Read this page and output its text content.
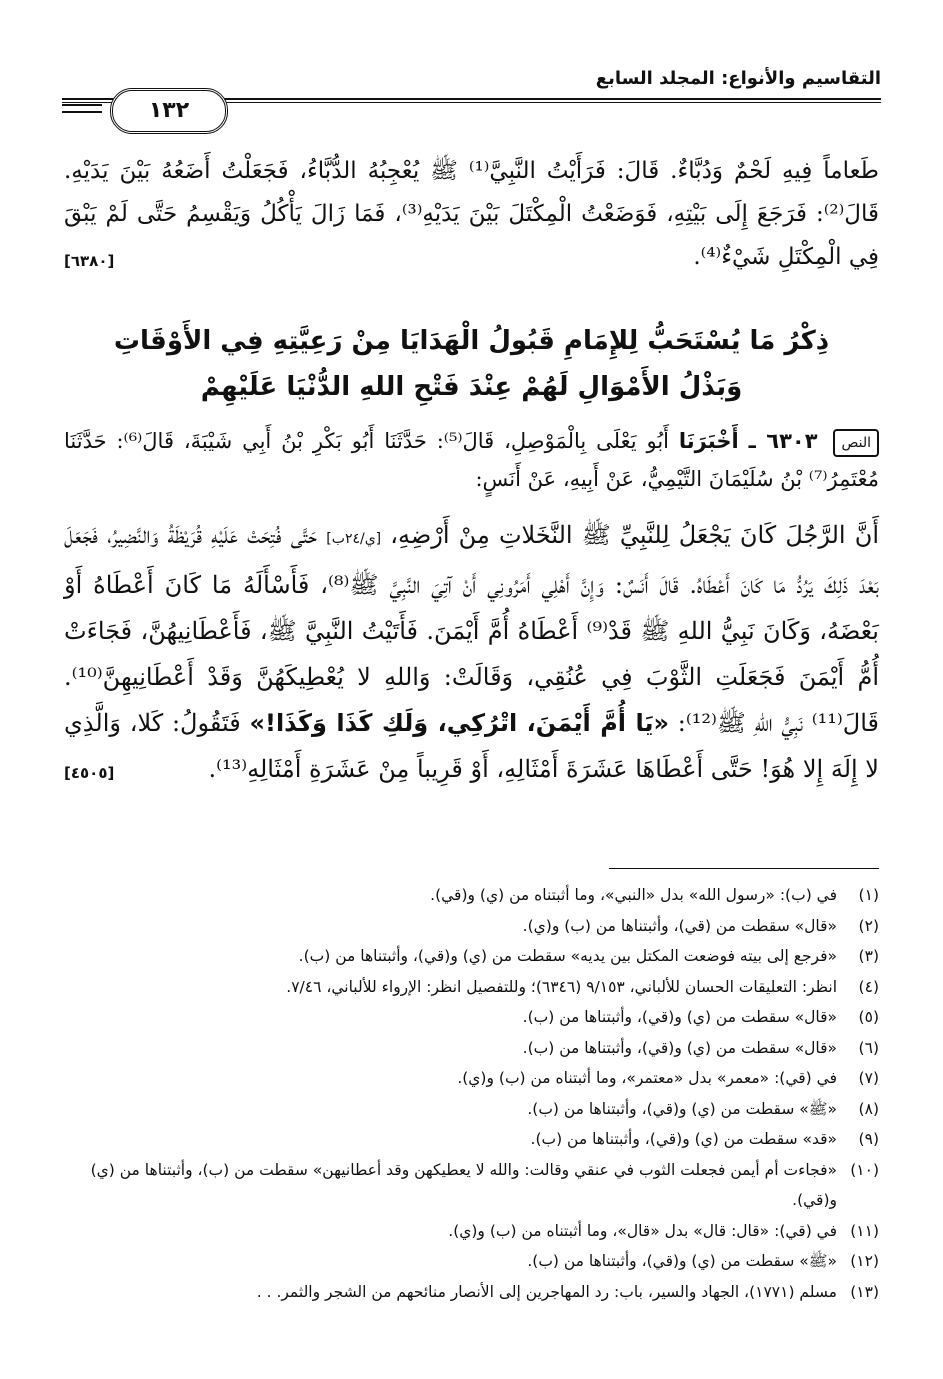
التقاسيم والأنواع: المجلد السابع
١٣٢
طَعاماً فِيهِ لَحْمٌ وَدُبَّاءٌ. قَالَ: فَرَأَيْتُ النَّبِيَّ⁽¹⁾ ﷺ يُعْجِبُهُ الدُّبَّاءُ، فَجَعَلْتُ أَضَعُهُ بَيْنَ يَدَيْهِ. قَالَ⁽²⁾: فَرَجَعَ إِلَى بَيْتِهِ، فَوَضَعْتُ الْمِكْتَلَ بَيْنَ يَدَيْهِ⁽³⁾، فَمَا زَالَ يَأْكُلُ وَيَقْسِمُ حَتَّى لَمْ يَبْقَ فِي الْمِكْتَلِ شَيْءٌ⁽⁴⁾.
[٦٣٨٠]
ذِكْرُ مَا يُسْتَحَبُّ لِلإِمَامِ قَبُولُ الْهَدَايَا مِنْ رَعِيَّتِهِ فِي الأَوْقَاتِ
وَبَذْلُ الأَمْوَالِ لَهُمْ عِنْدَ فَتْحِ اللهِ الدُّنْيَا عَلَيْهِمْ
النص ٦٣٠٣ ـ أَخْبَرَنَا أَبُو يَعْلَى بِالْمَوْصِلِ، قَالَ⁽⁵⁾: حَدَّثَنَا أَبُو بَكْرِ بْنُ أَبِي شَيْبَةَ، قَالَ⁽⁶⁾: حَدَّثَنَا مُعْتَمِرُ⁽⁷⁾ بْنُ سُلَيْمَانَ التَّيْمِيُّ، عَنْ أَبِيهِ، عَنْ أَنَسٍ:
أَنَّ الرَّجُلَ كَانَ يَجْعَلُ لِلنَّبِيِّ ﷺ النَّخَلاتِ مِنْ أَرْضِهِ، [ي/٢٤ب] حَتَّى فُتِحَتْ عَلَيْهِ قُرَيْظَةُ وَالنَّضِيرُ، فَجَعَلَ بَعْدَ ذَلِكَ يَرُدُّ مَا كَانَ أَعْطَاهُ. قَالَ أَنَسٌ: وَإِنَّ أَهْلِي أَمَرُونِي أَنْ آتِيَ النَّبِيَّ ﷺ⁽⁸⁾، فَأَسْأَلَهُ مَا كَانَ أَعْطَاهُ أَوْ بَعْضَهُ، وَكَانَ نَبِيُّ اللهِ ﷺ قَدْ⁽⁹⁾ أَعْطَاهُ أُمَّ أَيْمَنَ. فَأَتَيْتُ النَّبِيَّ ﷺ، فَأَعْطَانِيهُنَّ، فَجَاءَتْ أُمُّ أَيْمَنَ فَجَعَلَتِ الثَّوْبَ فِي عُنُقِي، وَقَالَتْ: وَاللهِ لا يُعْطِيكَهُنَّ وَقَدْ أَعْطَانِيهِنَّ⁽¹⁰⁾. قَالَ⁽¹¹⁾ نَبِيُّ اللهِ ﷺ⁽¹²⁾: «يَا أُمَّ أَيْمَنَ، اتْرُكِي، وَلَكِ كَذَا وَكَذَا!» فَتَقُولُ: كَلا، وَالَّذِي لا إِلَهَ إِلا هُوَ! حَتَّى أَعْطَاهَا عَشَرَةَ أَمْثَالِهِ، أَوْ قَرِيباً مِنْ عَشَرَةِ أَمْثَالِهِ⁽¹³⁾.
[٤٥٠٥]
(١)
في (ب): «رسول الله» بدل «النبي»، وما أثبتناه من (ي) و(قي).
(٢)
«قال» سقطت من (قي)، وأثبتناها من (ب) و(ي).
(٣)
«فرجع إلى بيته فوضعت المكتل بين يديه» سقطت من (ي) و(قي)، وأثبتناها من (ب).
(٤)
انظر: التعليقات الحسان للألباني، ٩/١٥٣ (٦٣٤٦)؛ وللتفصيل انظر: الإرواء للألباني، ٧/٤٦.
(٥)
«قال» سقطت من (ي) و(قي)، وأثبتناها من (ب).
(٦)
«قال» سقطت من (ي) و(قي)، وأثبتناها من (ب).
(٧)
في (قي): «معمر» بدل «معتمر»، وما أثبتناه من (ب) و(ي).
(٨)
«ﷺ» سقطت من (ي) و(قي)، وأثبتناها من (ب).
(٩)
«قد» سقطت من (ي) و(قي)، وأثبتناها من (ب).
(١٠)
«فجاءت أم أيمن فجعلت الثوب في عنقي وقالت: والله لا يعطيكهن وقد أعطانيهن» سقطت من (ب)، وأثبتناها من (ي) و(قي).
(١١)
في (قي): «قال: قال» بدل «قال»، وما أثبتناه من (ب) و(ي).
(١٢)
«ﷺ» سقطت من (ي) و(قي)، وأثبتناها من (ب).
(١٣)
مسلم (١٧٧١)، الجهاد والسير، باب: رد المهاجرين إلى الأنصار منائحهم من الشجر والثمر. . .
